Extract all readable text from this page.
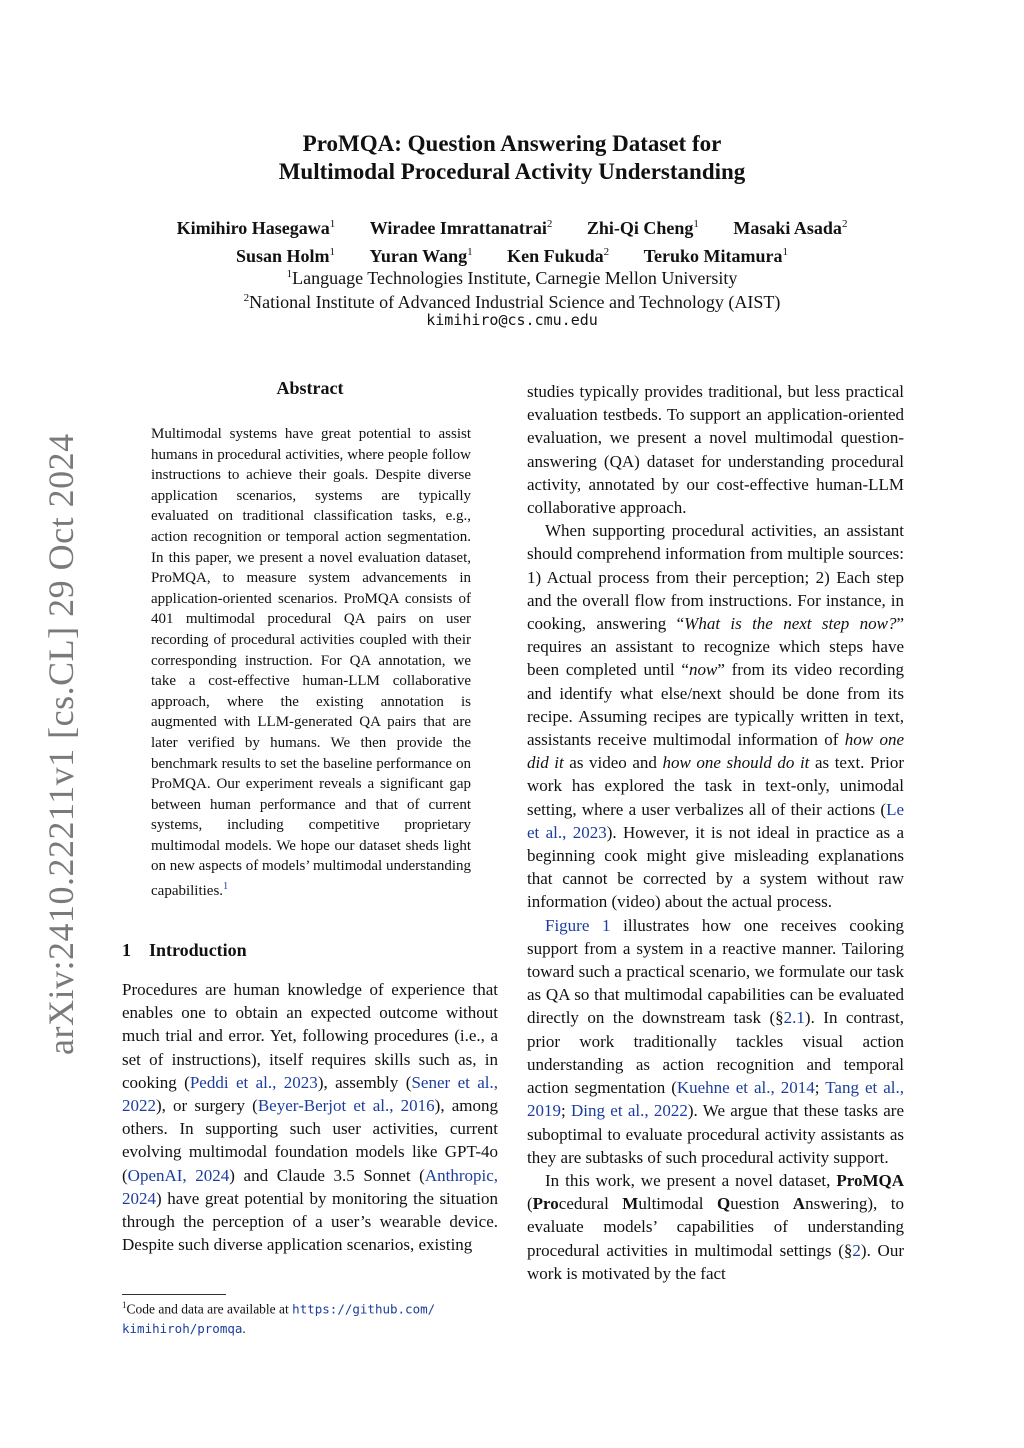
ProMQA: Question Answering Dataset for
Multimodal Procedural Activity Understanding
Kimihiro Hasegawa$^1$ Wiradee Imrattanatrai$^2$ Zhi-Qi Cheng$^1$ Masaki Asada$^2$
Susan Holm$^1$ Yuran Wang$^1$ Ken Fukuda$^2$ Teruko Mitamura$^1$
$^1$Language Technologies Institute, Carnegie Mellon University
$^2$National Institute of Advanced Industrial Science and Technology (AIST)
kimihiro@cs.cmu.edu
arXiv:2410.22211v1 [cs.CL] 29 Oct 2024
Abstract
Multimodal systems have great potential to assist humans in procedural activities, where people follow instructions to achieve their goals. Despite diverse application scenarios, systems are typically evaluated on traditional classification tasks, e.g., action recognition or temporal action segmentation. In this paper, we present a novel evaluation dataset, ProMQA, to measure system advancements in application-oriented scenarios. ProMQA consists of 401 multimodal procedural QA pairs on user recording of procedural activities coupled with their corresponding instruction. For QA annotation, we take a cost-effective human-LLM collaborative approach, where the existing annotation is augmented with LLM-generated QA pairs that are later verified by humans. We then provide the benchmark results to set the baseline performance on ProMQA. Our experiment reveals a significant gap between human performance and that of current systems, including competitive proprietary multimodal models. We hope our dataset sheds light on new aspects of models’ multimodal understanding capabilities.$^1$
1 Introduction

Procedures are human knowledge of experience that enables one to obtain an expected outcome without much trial and error. Yet, following procedures (i.e., a set of instructions), itself requires skills such as, in cooking (Peddi et al., 2023), assembly (Sener et al., 2022), or surgery (Beyer-Berjot et al., 2016), among others. In supporting such user activities, current evolving multimodal foundation models like GPT-4o (OpenAI, 2024) and Claude 3.5 Sonnet (Anthropic, 2024) have great potential by monitoring the situation through the perception of a user’s wearable device. Despite such diverse application scenarios, existing

$^1$Code and data are available at https://github.com/
kimihiroh/promqa.

studies typically provides traditional, but less practical evaluation testbeds. To support an application-oriented evaluation, we present a novel multimodal question-answering (QA) dataset for understanding procedural activity, annotated by our cost-effective human-LLM collaborative approach.

When supporting procedural activities, an assistant should comprehend information from multiple sources: 1) Actual process from their perception; 2) Each step and the overall flow from instructions. For instance, in cooking, answering “What is the next step now?” requires an assistant to recognize which steps have been completed until “now” from its video recording and identify what else/next should be done from its recipe. Assuming recipes are typically written in text, assistants receive multimodal information of how one did it as video and how one should do it as text. Prior work has explored the task in text-only, unimodal setting, where a user verbalizes all of their actions (Le et al., 2023). However, it is not ideal in practice as a beginning cook might give misleading explanations that cannot be corrected by a system without raw information (video) about the actual process.

Figure 1 illustrates how one receives cooking support from a system in a reactive manner. Tailoring toward such a practical scenario, we formulate our task as QA so that multimodal capabilities can be evaluated directly on the downstream task (§2.1). In contrast, prior work traditionally tackles visual action understanding as action recognition and temporal action segmentation (Kuehne et al., 2014; Tang et al., 2019; Ding et al., 2022). We argue that these tasks are suboptimal to evaluate procedural activity assistants as they are subtasks of such procedural activity support.

In this work, we present a novel dataset, ProMQA (Procedural Multimodal Question Answering), to evaluate models’ capabilities of understanding procedural activities in multimodal settings (§2). Our work is motivated by the fact
